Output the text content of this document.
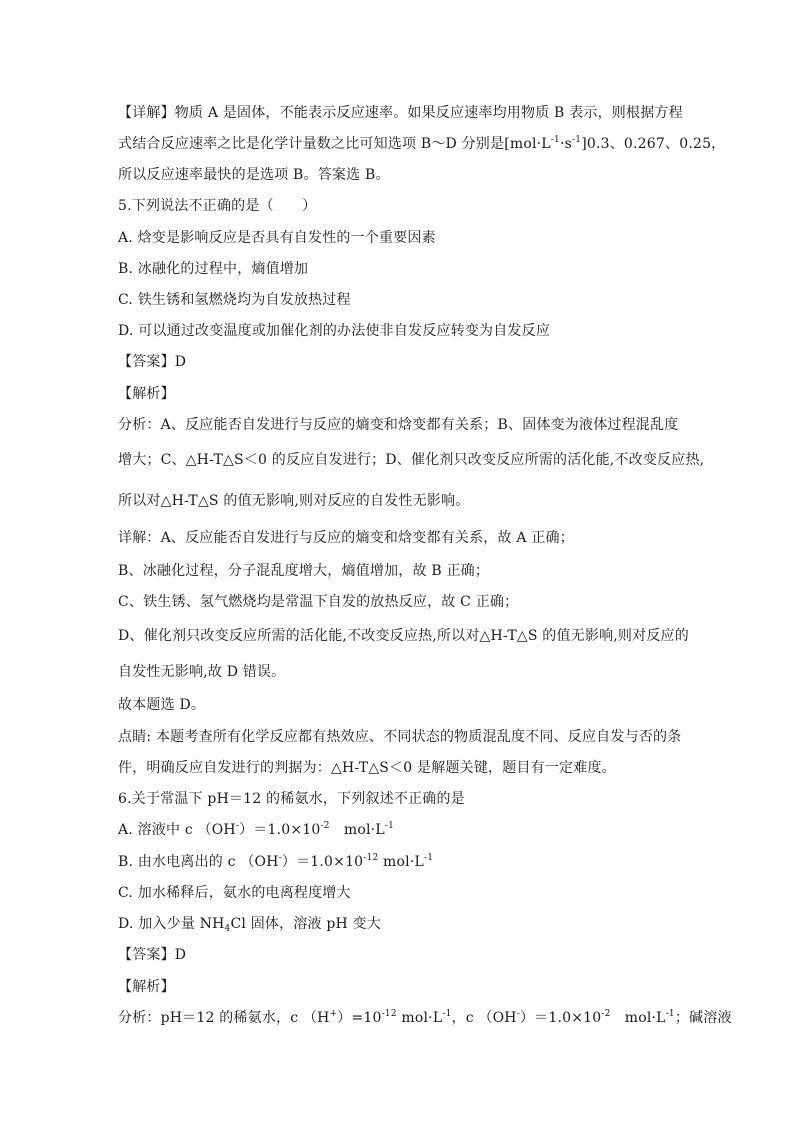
【详解】物质 A 是固体，不能表示反应速率。如果反应速率均用物质 B 表示，则根据方程
式结合反应速率之比是化学计量数之比可知选项 B～D 分别是$[mol\cdot L^{-1}\cdot s^{-1}]0.3$、0.267、0.25，
所以反应速率最快的是选项 B。答案选 B。
5.下列说法不正确的是（　　）
A. 焓变是影响反应是否具有自发性的一个重要因素
B. 冰融化的过程中，熵值增加
C. 铁生锈和氢燃烧均为自发放热过程
D. 可以通过改变温度或加催化剂的办法使非自发反应转变为自发反应
【答案】D
【解析】
分析：A、反应能否自发进行与反应的熵变和焓变都有关系；B、固体变为液体过程混乱度
增大；C、△H-T△S＜0 的反应自发进行；D、催化剂只改变反应所需的活化能,不改变反应热,
所以对△H-T△S 的值无影响,则对反应的自发性无影响。
详解：A、反应能否自发进行与反应的熵变和焓变都有关系，故 A 正确；
B、冰融化过程，分子混乱度增大，熵值增加，故 B 正确；
C、铁生锈、氢气燃烧均是常温下自发的放热反应，故 C 正确；
D、催化剂只改变反应所需的活化能,不改变反应热,所以对△H-T△S 的值无影响,则对反应的
自发性无影响,故 D 错误。
故本题选 D。
点睛: 本题考查所有化学反应都有热效应、不同状态的物质混乱度不同、反应自发与否的条
件，明确反应自发进行的判据为：△H-T△S＜0 是解题关键，题目有一定难度。
6.关于常温下 pH＝12 的稀氨水，下列叙述不正确的是
A. 溶液中 c $(OH^-)=1.0\times 10^{-2}$　$mol\cdot L^{-1}$
B. 由水电离出的 c $(OH^-)=1.0\times 10^{-12}$ $mol\cdot L^{-1}$
C. 加水稀释后，氨水的电离程度增大
D. 加入少量 $NH_4Cl$ 固体，溶液 pH 变大
【答案】D
【解析】
分析：pH＝12 的稀氨水，c $(H^+)=10^{-12}$ $mol\cdot L^{-1}$，c $(OH^-)=1.0\times 10^{-2}$　$mol\cdot L^{-1}$；碱溶液
